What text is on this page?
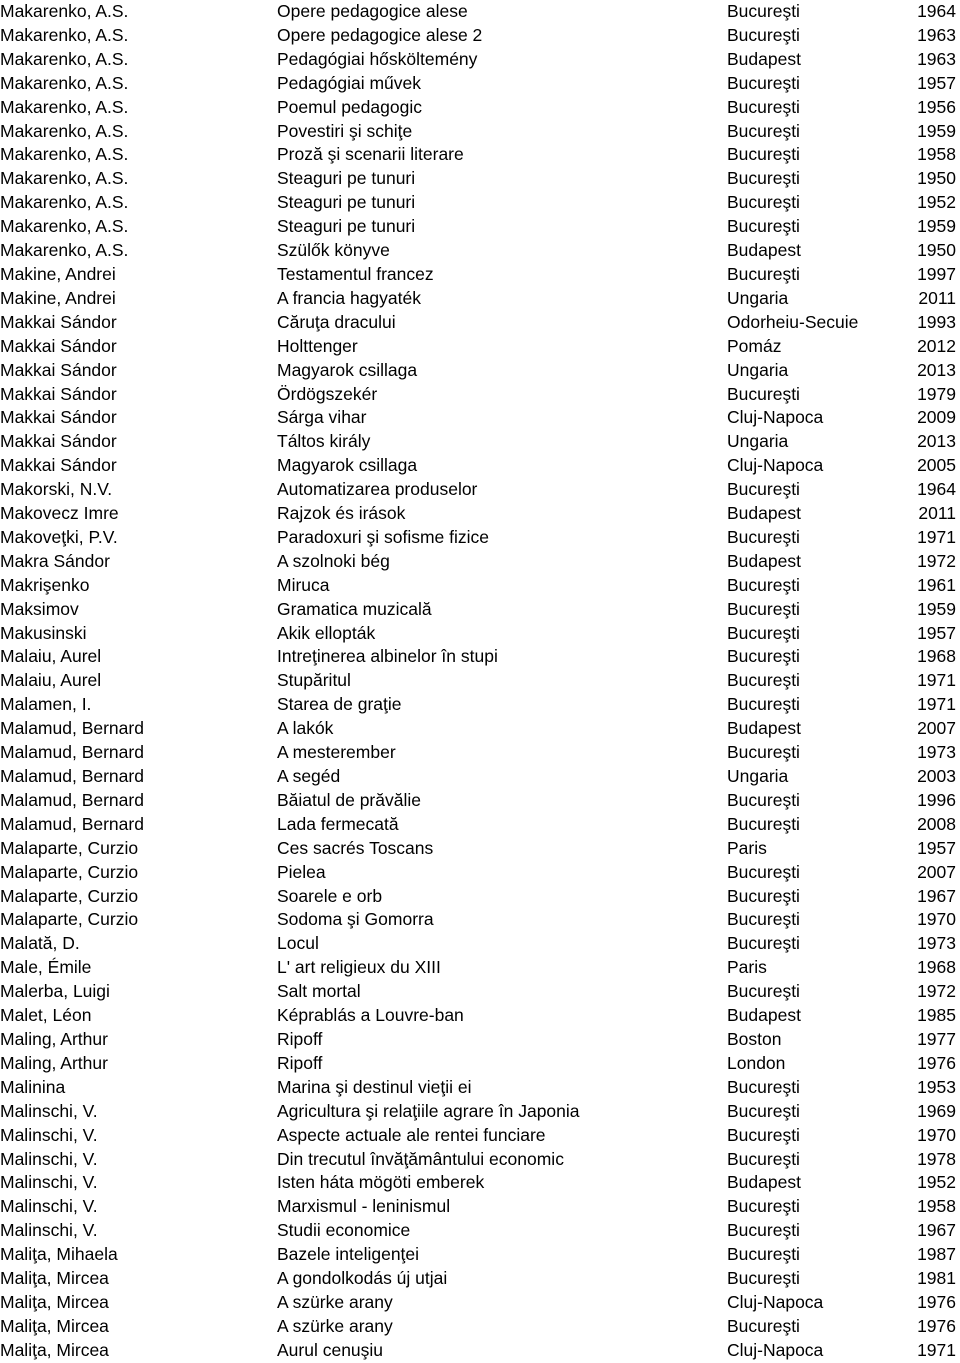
Makarenko, A.S.	Opere pedagogice alese	Bucureşti	1964
Makarenko, A.S.	Opere pedagogice alese 2	Bucureşti	1963
Makarenko, A.S.	Pedagógiai hősköltemény	Budapest	1963
Makarenko, A.S.	Pedagógiai művek	Bucureşti	1957
Makarenko, A.S.	Poemul pedagogic	Bucureşti	1956
Makarenko, A.S.	Povestiri şi schiţe	Bucureşti	1959
Makarenko, A.S.	Proză şi scenarii literare	Bucureşti	1958
Makarenko, A.S.	Steaguri pe tunuri	Bucureşti	1950
Makarenko, A.S.	Steaguri pe tunuri	Bucureşti	1952
Makarenko, A.S.	Steaguri pe tunuri	Bucureşti	1959
Makarenko, A.S.	Szülők könyve	Budapest	1950
Makine, Andrei	Testamentul francez	Bucureşti	1997
Makine, Andrei	A francia hagyaték	Ungaria	2011
Makkai Sándor	Căruţa dracului	Odorheiu-Secuie	1993
Makkai Sándor	Holttenger	Pomáz	2012
Makkai Sándor	Magyarok csillaga	Ungaria	2013
Makkai Sándor	Ördögszekér	Bucureşti	1979
Makkai Sándor	Sárga vihar	Cluj-Napoca	2009
Makkai Sándor	Táltos király	Ungaria	2013
Makkai Sándor	Magyarok csillaga	Cluj-Napoca	2005
Makorski, N.V.	Automatizarea produselor	Bucureşti	1964
Makovecz Imre	Rajzok és irások	Budapest	2011
Makoveţki, P.V.	Paradoxuri şi sofisme fizice	Bucureşti	1971
Makra Sándor	A szolnoki bég	Budapest	1972
Makrişenko	Miruca	Bucureşti	1961
Maksimov	Gramatica muzicală	Bucureşti	1959
Makusinski	Akik ellopták	Bucureşti	1957
Malaiu, Aurel	Intreţinerea albinelor în stupi	Bucureşti	1968
Malaiu, Aurel	Stupăritul	Bucureşti	1971
Malamen, I.	Starea de graţie	Bucureşti	1971
Malamud, Bernard	A lakók	Budapest	2007
Malamud, Bernard	A mesterember	Bucureşti	1973
Malamud, Bernard	A segéd	Ungaria	2003
Malamud, Bernard	Băiatul de prăvălie	Bucureşti	1996
Malamud, Bernard	Lada fermecată	Bucureşti	2008
Malaparte, Curzio	Ces sacrés Toscans	Paris	1957
Malaparte, Curzio	Pielea	Bucureşti	2007
Malaparte, Curzio	Soarele e orb	Bucureşti	1967
Malaparte, Curzio	Sodoma şi Gomorra	Bucureşti	1970
Malată, D.	Locul	Bucureşti	1973
Male, Émile	L' art religieux du XIII	Paris	1968
Malerba, Luigi	Salt mortal	Bucureşti	1972
Malet, Léon	Képrablás a Louvre-ban	Budapest	1985
Maling, Arthur	Ripoff	Boston	1977
Maling, Arthur	Ripoff	London	1976
Malinina	Marina şi destinul vieţii ei	Bucureşti	1953
Malinschi, V.	Agricultura şi relaţiile agrare în Japonia	Bucureşti	1969
Malinschi, V.	Aspecte actuale ale rentei funciare	Bucureşti	1970
Malinschi, V.	Din trecutul învăţământului economic	Bucureşti	1978
Malinschi, V.	Isten háta mögöti emberek	Budapest	1952
Malinschi, V.	Marxismul - leninismul	Bucureşti	1958
Malinschi, V.	Studii economice	Bucureşti	1967
Maliţa, Mihaela	Bazele inteligenţei	Bucureşti	1987
Maliţa, Mircea	A gondolkodás új utjai	Bucureşti	1981
Maliţa, Mircea	A szürke arany	Cluj-Napoca	1976
Maliţa, Mircea	A szürke arany	Bucureşti	1976
Maliţa, Mircea	Aurul cenuşiu	Cluj-Napoca	1971
